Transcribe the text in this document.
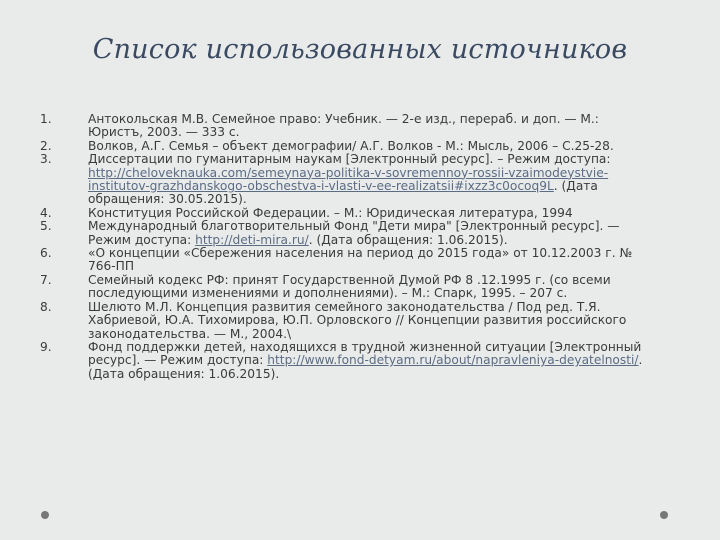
Список использованных источников
1.	Антокольская М.В. Семейное право: Учебник. — 2-е изд., перераб. и доп. — М.: Юристъ, 2003. — 333 с.
2.	Волков, А.Г. Семья – объект демографии/ А.Г. Волков - М.: Мысль, 2006 – С.25-28.
3.	Диссертации по гуманитарным наукам [Электронный ресурс]. – Режим доступа: http://cheloveknauka.com/semeynaya-politika-v-sovremennoy-rossii-vzaimodeystvie-institutov-grazhdanskogo-obschestva-i-vlasti-v-ee-realizatsii#ixzz3c0ocoq9L. (Дата обращения: 30.05.2015).
4.	Конституция Российской Федерации. – М.: Юридическая литература, 1994
5.	Международный благотворительный Фонд "Дети мира" [Электронный ресурс]. — Режим доступа: http://deti-mira.ru/. (Дата обращения: 1.06.2015).
6.	«О концепции «Сбережения населения на период до 2015 года» от 10.12.2003 г. № 766-ПП
7.	Семейный кодекс РФ: принят Государственной Думой РФ 8 .12.1995 г. (со всеми последующими изменениями и дополнениями). – М.: Спарк, 1995. – 207 с.
8.	Шелюто М.Л. Концепция развития семейного законодательства / Под ред. Т.Я. Хабриевой, Ю.А. Тихомирова, Ю.П. Орловского // Концепции развития российского законодательства. — М., 2004.\
9.	Фонд поддержки детей, находящихся в трудной жизненной ситуации [Электронный ресурс]. — Режим доступа: http://www.fond-detyam.ru/about/napravleniya-deyatelnosti/. (Дата обращения: 1.06.2015).
